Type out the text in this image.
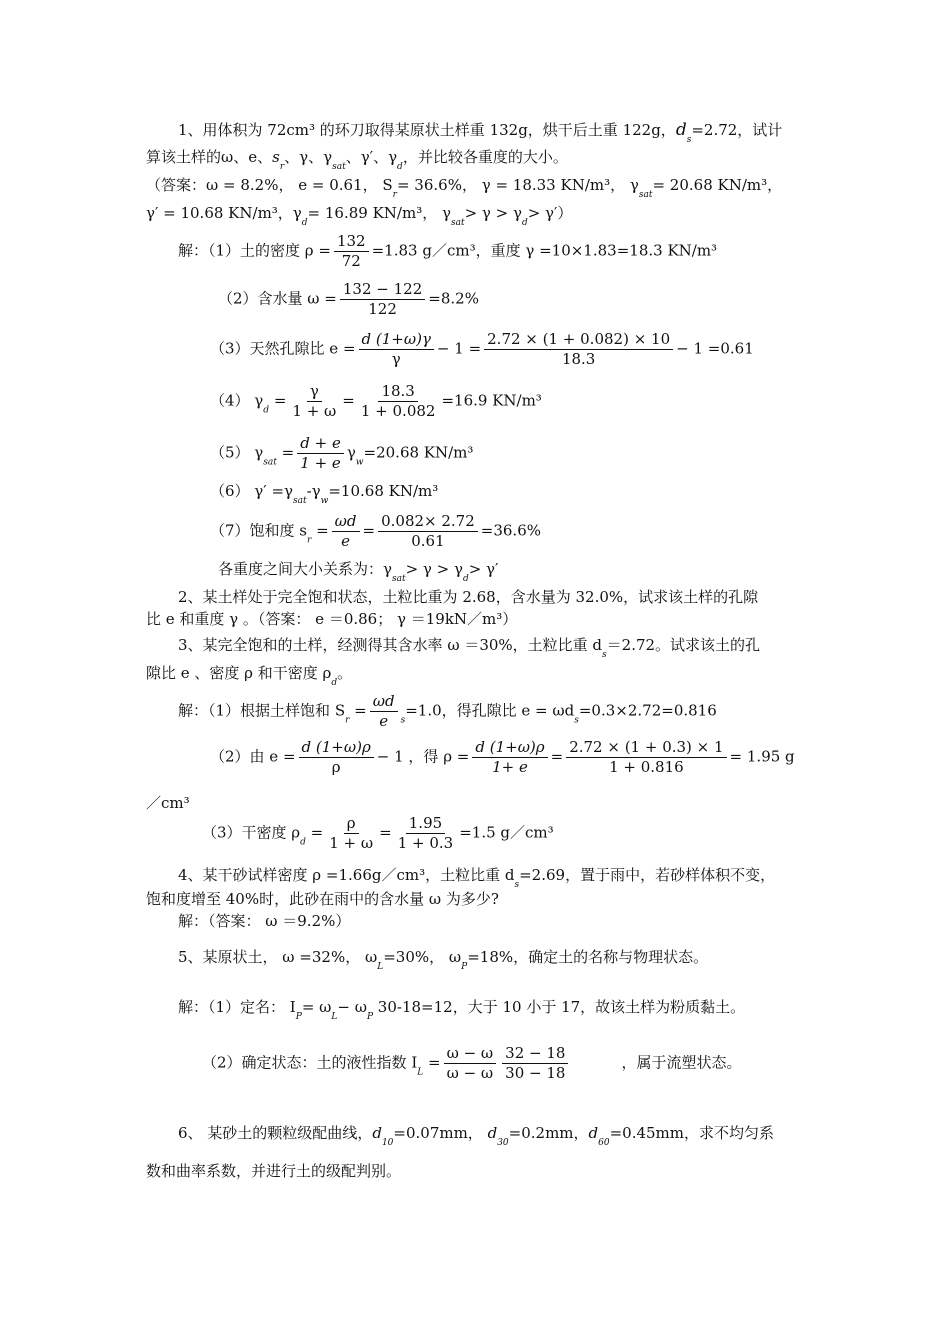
1、用体积为 72cm³ 的环刀取得某原状土样重 132g，烘干后土重 122g，$d_s=2.72$，试计
算该土样的ω、e、$s_r$、γ、$\gamma_{sat}$、γ′、$\gamma_d$，并比较各重度的大小。
（答案：ω = 8.2%， e = 0.61， $S_r= 36.6\%$， γ = 18.33 KN/m³， $\gamma_{sat}= 20.68$ KN/m³，
γ′ = 10.68 KN/m³，$\gamma_d= 16.89$ KN/m³， $\gamma_{sat}> \gamma > \gamma_d> \gamma'$）
解：（1）土的密度 $\rho = \frac{132}{72} =1.83$ g／cm³，重度 γ =10×1.83=18.3 KN/m³
（2）含水量 $\omega = \frac{132 - 122}{122} =8.2\%$
（3）天然孔隙比 $e = \frac{d (1+\omega)\gamma}{\gamma} - 1 = \frac{2.72 \times (1 + 0.082) \times 10}{18.3} - 1 =0.61$
（4） $\gamma_d = \frac{\gamma}{1 + \omega} = \frac{18.3}{1 + 0.082} =16.9$ KN/m³
（5） $\gamma_{sat} = \frac{d + e}{1 + e} \gamma_w=20.68$ KN/m³
（6） $\gamma' =\gamma_{sat}-\gamma_w=10.68$ KN/m³
（7）饱和度 $s_r = \frac{\omega d}{e} = \frac{0.082\times 2.72}{0.61} =36.6\%$
各重度之间大小关系为：$\gamma_{sat}> \gamma > \gamma_d> \gamma'$
2、某土样处于完全饱和状态，土粒比重为 2.68，含水量为 32.0%，试求该土样的孔隙
比 e 和重度 γ 。（答案： e ＝0.86； γ ＝19kN／m³）
3、某完全饱和的土样，经测得其含水率 ω ＝30%，土粒比重 $d_s=2.72$。试求该土的孔
隙比 e 、密度 ρ 和干密度 $\rho_d$。
解：（1）根据土样饱和 $S_r = \frac{\omega d}{e} _s=1.0$，得孔隙比 $e = \omega d_s=0.3\times 2.72=0.816$
（2）由 $e = \frac{d (1+\omega)\rho}{\rho} - 1$ ，得 $\rho = \frac{d (1+\omega)\rho}{1+ e} = \frac{2.72 \times (1 + 0.3) \times 1}{1 + 0.816} = 1.95$ g
／cm³
（3）干密度 $\rho_d = \frac{\rho}{1 + \omega} = \frac{1.95}{1 + 0.3} =1.5$ g／cm³
4、某干砂试样密度 ρ =1.66g／cm³，土粒比重 $d_s=2.69$，置于雨中，若砂样体积不变，
饱和度增至 40%时，此砂在雨中的含水量 ω 为多少?
解：（答案： ω ＝9.2%）
5、某原状土， ω =32%， $\omega_L=30\%$， $\omega_P=18\%$，确定土的名称与物理状态。
解：（1）定名： $I_P= \omega_L- \omega_P$ 30-18=12，大于 10 小于 17，故该土样为粉质黏土。
（2）确定状态：土的液性指数 $I_L = \frac{\omega - \omega}{\omega - \omega} \frac{32 - 18}{30 - 18}$	，属于流塑状态。
6、 某砂土的颗粒级配曲线，$d_{10}=0.07mm$， $d_{30}=0.2mm$，$d_{60}=0.45mm$，求不均匀系
数和曲率系数，并进行土的级配判别。
